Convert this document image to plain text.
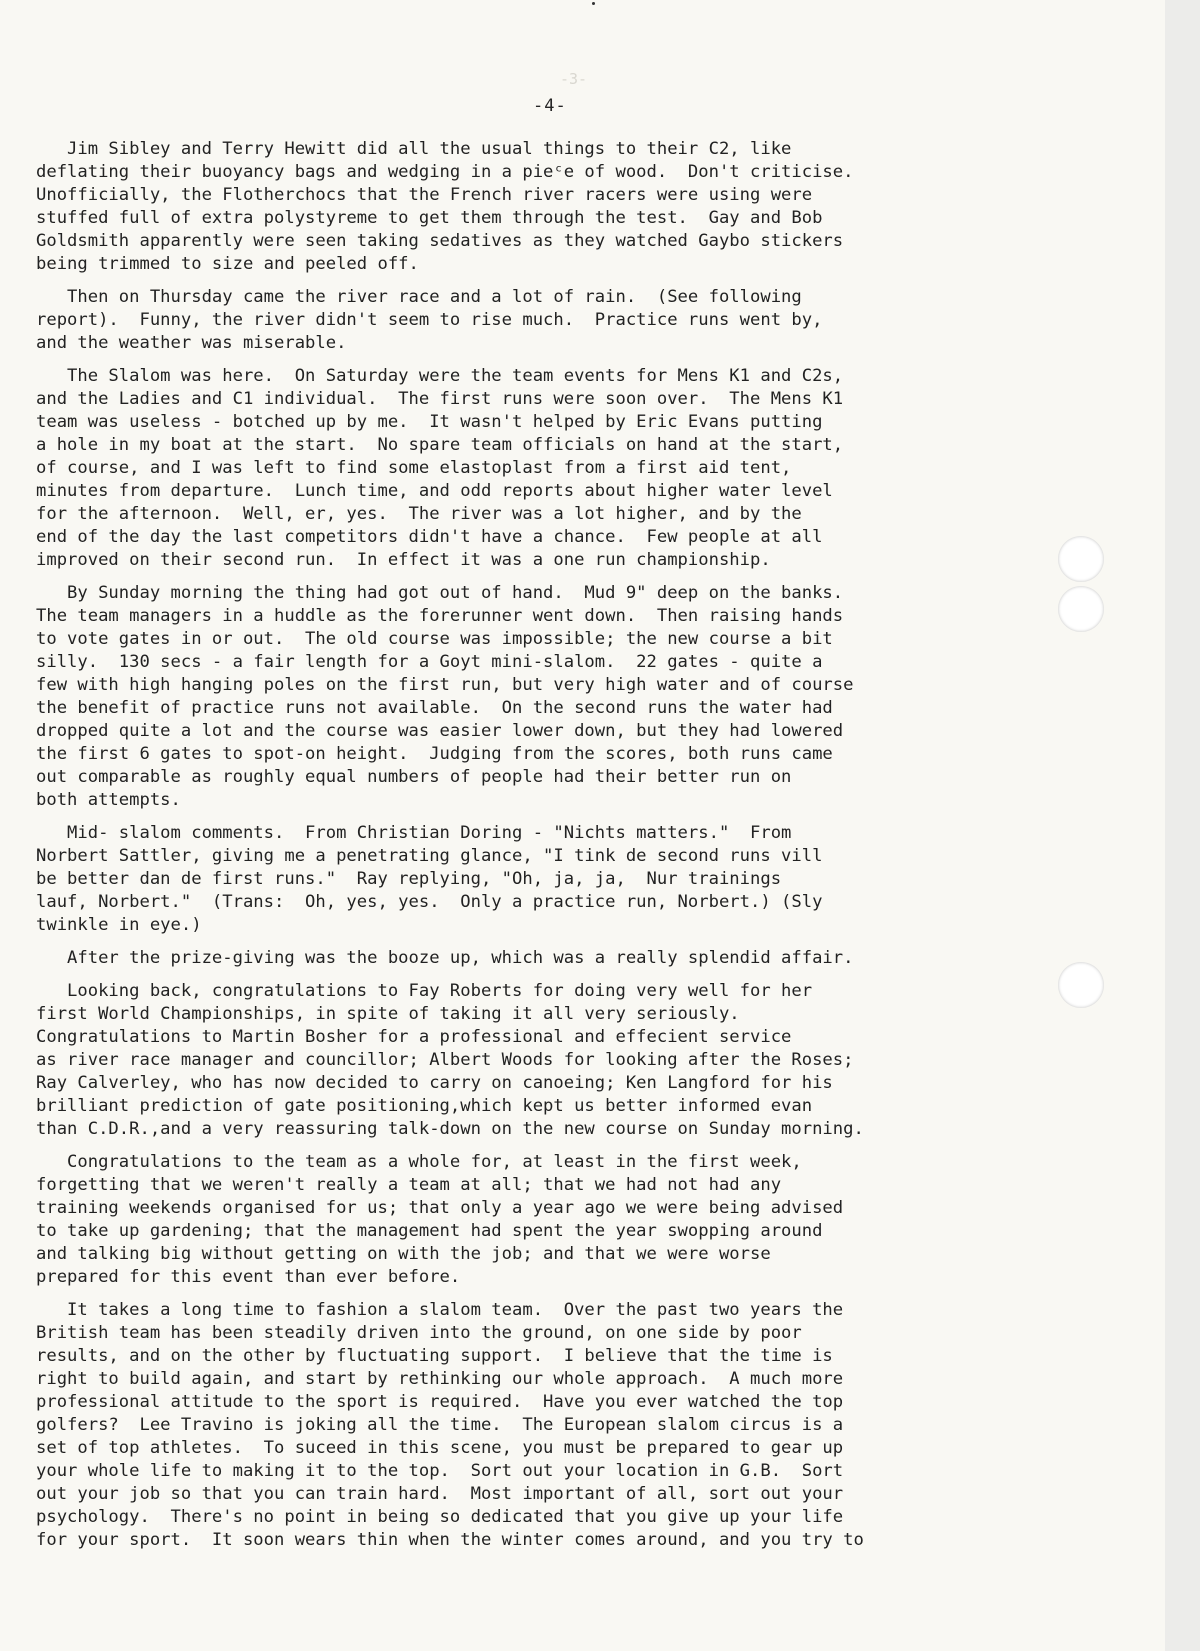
-3-
-4-

Jim Sibley and Terry Hewitt did all the usual things to their C2, like
deflating their buoyancy bags and wedging in a pieᶜe of wood.  Don't criticise.
Unofficially, the Flotherchocs that the French river racers were using were
stuffed full of extra polystyreme to get them through the test.  Gay and Bob
Goldsmith apparently were seen taking sedatives as they watched Gaybo stickers
being trimmed to size and peeled off.

Then on Thursday came the river race and a lot of rain.  (See following
report).  Funny, the river didn't seem to rise much.  Practice runs went by,
and the weather was miserable.

The Slalom was here.  On Saturday were the team events for Mens K1 and C2s,
and the Ladies and C1 individual.  The first runs were soon over.  The Mens K1
team was useless - botched up by me.  It wasn't helped by Eric Evans putting
a hole in my boat at the start.  No spare team officials on hand at the start,
of course, and I was left to find some elastoplast from a first aid tent,
minutes from departure.  Lunch time, and odd reports about higher water level
for the afternoon.  Well, er, yes.  The river was a lot higher, and by the
end of the day the last competitors didn't have a chance.  Few people at all
improved on their second run.  In effect it was a one run championship.

By Sunday morning the thing had got out of hand.  Mud 9" deep on the banks.
The team managers in a huddle as the forerunner went down.  Then raising hands
to vote gates in or out.  The old course was impossible; the new course a bit
silly.  130 secs - a fair length for a Goyt mini-slalom.  22 gates - quite a
few with high hanging poles on the first run, but very high water and of course
the benefit of practice runs not available.  On the second runs the water had
dropped quite a lot and the course was easier lower down, but they had lowered
the first 6 gates to spot-on height.  Judging from the scores, both runs came
out comparable as roughly equal numbers of people had their better run on
both attempts.

Mid- slalom comments.  From Christian Doring - "Nichts matters."  From
Norbert Sattler, giving me a penetrating glance, "I tink de second runs vill
be better dan de first runs."  Ray replying, "Oh, ja, ja,  Nur trainings
lauf, Norbert."  (Trans:  Oh, yes, yes.  Only a practice run, Norbert.) (Sly
twinkle in eye.)

After the prize-giving was the booze up, which was a really splendid affair.

Looking back, congratulations to Fay Roberts for doing very well for her
first World Championships, in spite of taking it all very seriously.
Congratulations to Martin Bosher for a professional and effecient service
as river race manager and councillor; Albert Woods for looking after the Roses;
Ray Calverley, who has now decided to carry on canoeing; Ken Langford for his
brilliant prediction of gate positioning,which kept us better informed evan
than C.D.R.,and a very reassuring talk-down on the new course on Sunday morning.

Congratulations to the team as a whole for, at least in the first week,
forgetting that we weren't really a team at all; that we had not had any
training weekends organised for us; that only a year ago we were being advised
to take up gardening; that the management had spent the year swopping around
and talking big without getting on with the job; and that we were worse
prepared for this event than ever before.

It takes a long time to fashion a slalom team.  Over the past two years the
British team has been steadily driven into the ground, on one side by poor
results, and on the other by fluctuating support.  I believe that the time is
right to build again, and start by rethinking our whole approach.  A much more
professional attitude to the sport is required.  Have you ever watched the top
golfers?  Lee Travino is joking all the time.  The European slalom circus is a
set of top athletes.  To suceed in this scene, you must be prepared to gear up
your whole life to making it to the top.  Sort out your location in G.B.  Sort
out your job so that you can train hard.  Most important of all, sort out your
psychology.  There's no point in being so dedicated that you give up your life
for your sport.  It soon wears thin when the winter comes around, and you try to
